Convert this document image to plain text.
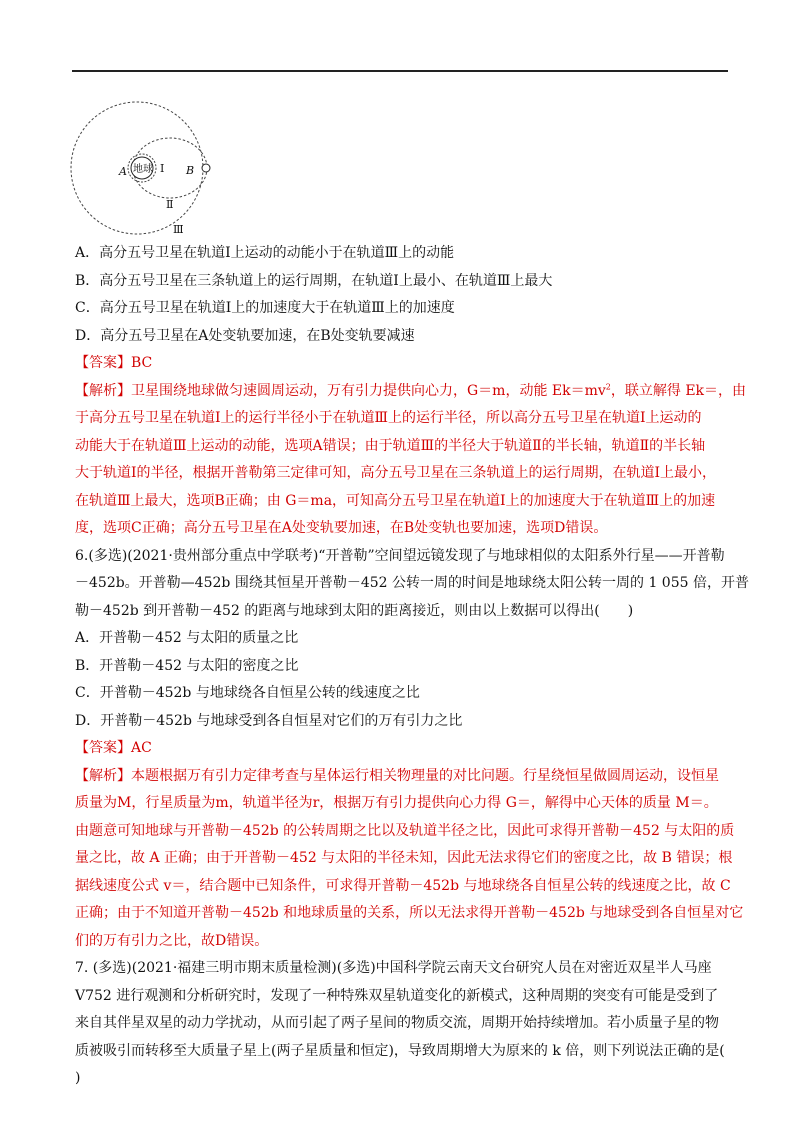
地球 Ⅰ
A	B
Ⅱ
Ⅲ
A．高分五号卫星在轨道Ⅰ上运动的动能小于在轨道Ⅲ上的动能
B．高分五号卫星在三条轨道上的运行周期，在轨道Ⅰ上最小、在轨道Ⅲ上最大
C．高分五号卫星在轨道Ⅰ上的加速度大于在轨道Ⅲ上的加速度
D．高分五号卫星在A处变轨要加速，在B处变轨要减速
【答案】BC
【解析】卫星围绕地球做匀速圆周运动，万有引力提供向心力，G＝m，动能 $Ek=mv^2$，联立解得 Ek＝，由
于高分五号卫星在轨道Ⅰ上的运行半径小于在轨道Ⅲ上的运行半径，所以高分五号卫星在轨道Ⅰ上运动的
动能大于在轨道Ⅲ上运动的动能，选项A错误；由于轨道Ⅲ的半径大于轨道Ⅱ的半长轴，轨道Ⅱ的半长轴
大于轨道Ⅰ的半径，根据开普勒第三定律可知，高分五号卫星在三条轨道上的运行周期，在轨道Ⅰ上最小，
在轨道Ⅲ上最大，选项B正确；由 G＝ma，可知高分五号卫星在轨道Ⅰ上的加速度大于在轨道Ⅲ上的加速
度，选项C正确；高分五号卫星在A处变轨要加速，在B处变轨也要加速，选项D错误。
6.(多选)(2021·贵州部分重点中学联考)“开普勒”空间望远镜发现了与地球相似的太阳系外行星——开普勒
－452b。开普勒—452b 围绕其恒星开普勒－452 公转一周的时间是地球绕太阳公转一周的 1 055 倍，开普
勒－452b 到开普勒－452 的距离与地球到太阳的距离接近，则由以上数据可以得出(　　)
A．开普勒－452 与太阳的质量之比
B．开普勒－452 与太阳的密度之比
C．开普勒－452b 与地球绕各自恒星公转的线速度之比
D．开普勒－452b 与地球受到各自恒星对它们的万有引力之比
【答案】AC
【解析】本题根据万有引力定律考查与星体运行相关物理量的对比问题。行星绕恒星做圆周运动，设恒星
质量为M，行星质量为m，轨道半径为r，根据万有引力提供向心力得 G＝，解得中心天体的质量 M＝。
由题意可知地球与开普勒－452b 的公转周期之比以及轨道半径之比，因此可求得开普勒－452 与太阳的质
量之比，故 A 正确；由于开普勒－452 与太阳的半径未知，因此无法求得它们的密度之比，故 B 错误；根
据线速度公式 v＝，结合题中已知条件，可求得开普勒－452b 与地球绕各自恒星公转的线速度之比，故 C
正确；由于不知道开普勒－452b 和地球质量的关系，所以无法求得开普勒－452b 与地球受到各自恒星对它
们的万有引力之比，故D错误。
7. (多选)(2021·福建三明市期末质量检测)(多选)中国科学院云南天文台研究人员在对密近双星半人马座
V752 进行观测和分析研究时，发现了一种特殊双星轨道变化的新模式，这种周期的突变有可能是受到了
来自其伴星双星的动力学扰动，从而引起了两子星间的物质交流，周期开始持续增加。若小质量子星的物
质被吸引而转移至大质量子星上(两子星质量和恒定)，导致周期增大为原来的 k 倍，则下列说法正确的是(
)
